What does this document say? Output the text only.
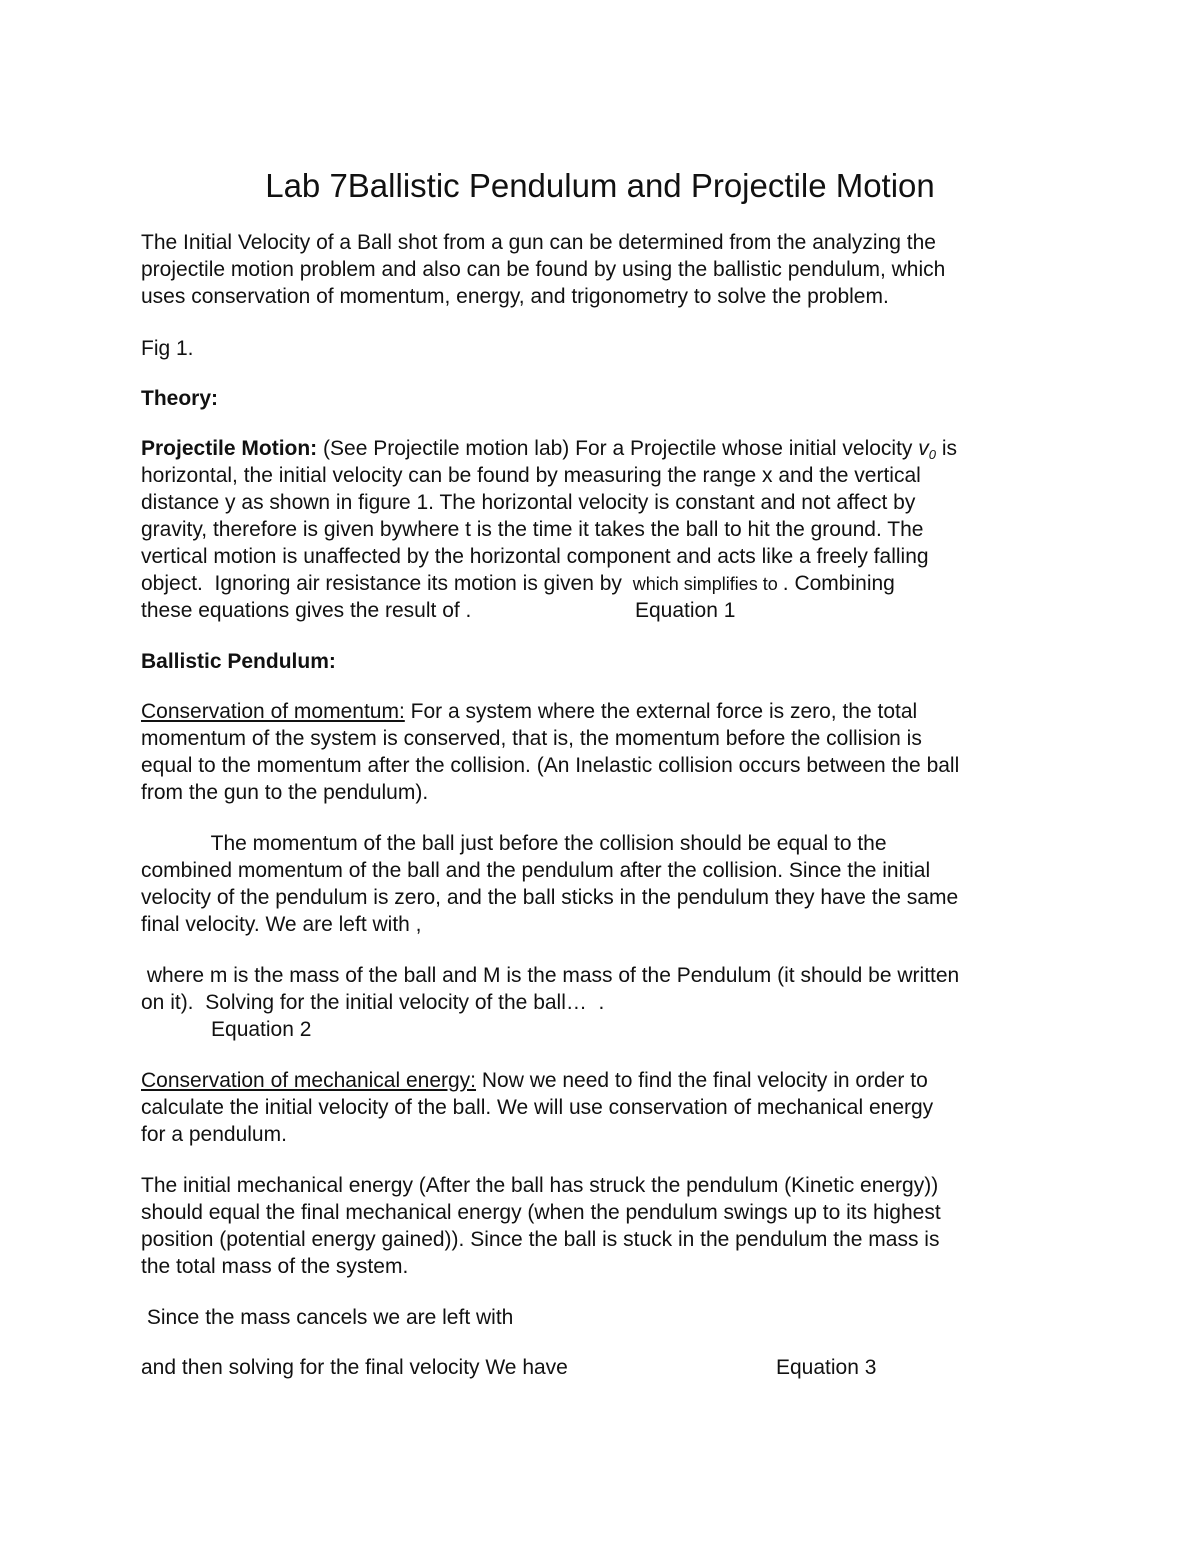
Lab 7Ballistic Pendulum and Projectile Motion
The Initial Velocity of a Ball shot from a gun can be determined from the analyzing the
projectile motion problem and also can be found by using the ballistic pendulum, which
uses conservation of momentum, energy, and trigonometry to solve the problem.
Fig 1.
Theory:
Projectile Motion: (See Projectile motion lab) For a Projectile whose initial velocity $v_0$ is
horizontal, the initial velocity can be found by measuring the range x and the vertical
distance y as shown in figure 1. The horizontal velocity is constant and not affect by
gravity, therefore is given bywhere t is the time it takes the ball to hit the ground. The
vertical motion is unaffected by the horizontal component and acts like a freely falling
object.  Ignoring air resistance its motion is given by  which simplifies to . Combining
these equations gives the result of .	Equation 1
Ballistic Pendulum:
Conservation of momentum: For a system where the external force is zero, the total
momentum of the system is conserved, that is, the momentum before the collision is
equal to the momentum after the collision. (An Inelastic collision occurs between the ball
from the gun to the pendulum).
The momentum of the ball just before the collision should be equal to the
combined momentum of the ball and the pendulum after the collision. Since the initial
velocity of the pendulum is zero, and the ball sticks in the pendulum they have the same
final velocity. We are left with ,
where m is the mass of the ball and M is the mass of the Pendulum (it should be written
on it).  Solving for the initial velocity of the ball…  .
Equation 2
Conservation of mechanical energy: Now we need to find the final velocity in order to
calculate the initial velocity of the ball. We will use conservation of mechanical energy
for a pendulum.
The initial mechanical energy (After the ball has struck the pendulum (Kinetic energy))
should equal the final mechanical energy (when the pendulum swings up to its highest
position (potential energy gained)). Since the ball is stuck in the pendulum the mass is
the total mass of the system.
Since the mass cancels we are left with
and then solving for the final velocity We have	Equation 3
